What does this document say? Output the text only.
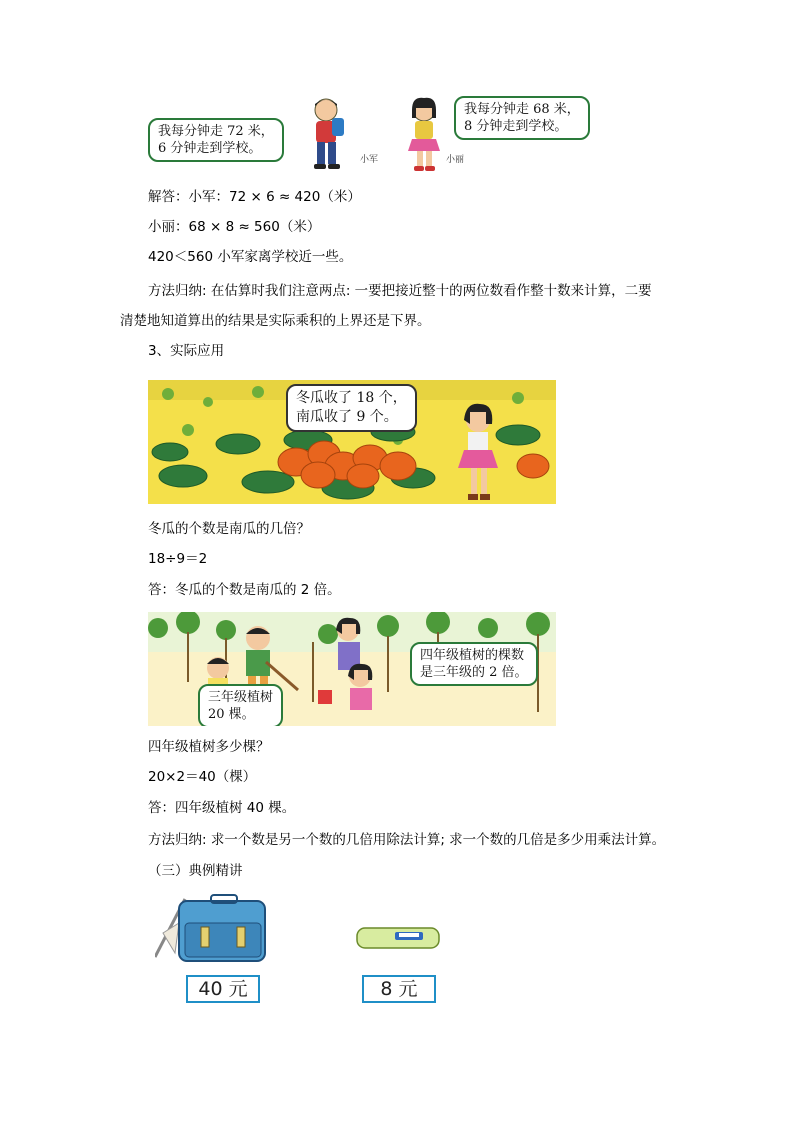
我每分钟走 72 米，
6 分钟走到学校。
小军	小丽
我每分钟走 68 米，
8 分钟走到学校。
解答：小军：72 × 6 ≈ 420（米）
小丽：68 × 8 ≈ 560（米）
420＜560 小军家离学校近一些。
方法归纳: 在估算时我们注意两点: 一要把接近整十的两位数看作整十数来计算，二要
清楚地知道算出的结果是实际乘积的上界还是下界。
3、实际应用
冬瓜收了 18 个，
南瓜收了 9 个。
冬瓜的个数是南瓜的几倍？
18÷9＝2
答：冬瓜的个数是南瓜的 2 倍。
四年级植树的棵数
是三年级的 2 倍。
三年级植树
20 棵。
四年级植树多少棵？
20×2＝40（棵）
答：四年级植树 40 棵。
方法归纳: 求一个数是另一个数的几倍用除法计算; 求一个数的几倍是多少用乘法计算。
（三）典例精讲
40 元	8 元
